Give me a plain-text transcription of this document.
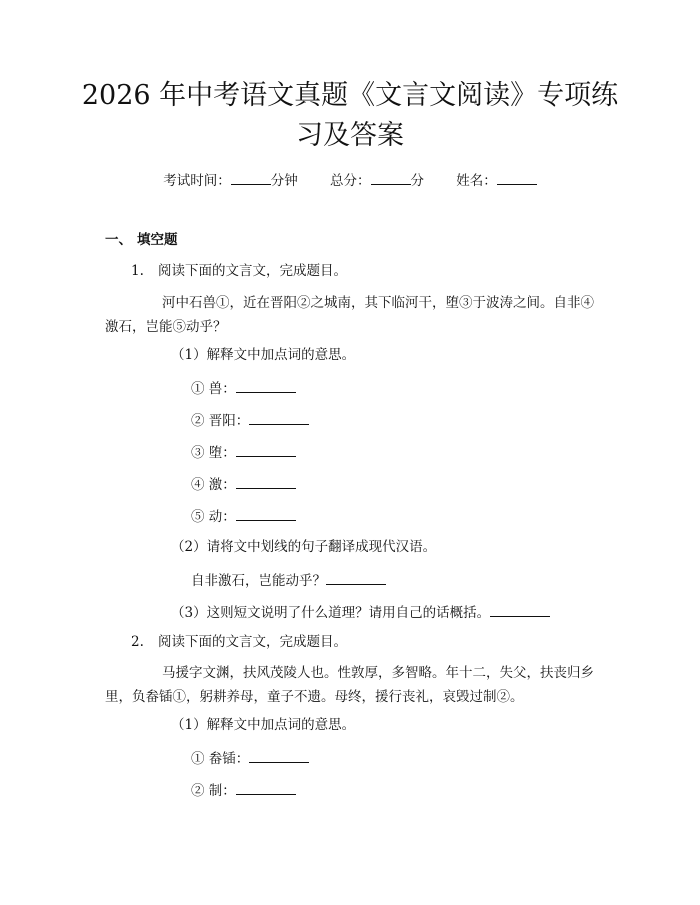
2026 年中考语文真题《文言文阅读》专项练
习及答案
考试时间：	分钟 总分：	分 姓名：
一、 填空题
1. 阅读下面的文言文，完成题目。

河中石兽①，近在晋阳②之城南，其下临河干，堕③于波涛之间。自非④激石，岂能⑤动乎？

（1）解释文中加点词的意思。
① 兽：
② 晋阳：
③ 堕：
④ 激：
⑤ 动：
（2）请将文中划线的句子翻译成现代汉语。
自非激石，岂能动乎？
（3）这则短文说明了什么道理？请用自己的话概括。
2. 阅读下面的文言文，完成题目。

马援字文渊，扶风茂陵人也。性敦厚，多智略。年十二，失父，扶丧归乡里，负畚锸①，躬耕养母，童子不遗。母终，援行丧礼，哀毁过制②。

（1）解释文中加点词的意思。
① 畚锸：
② 制：
